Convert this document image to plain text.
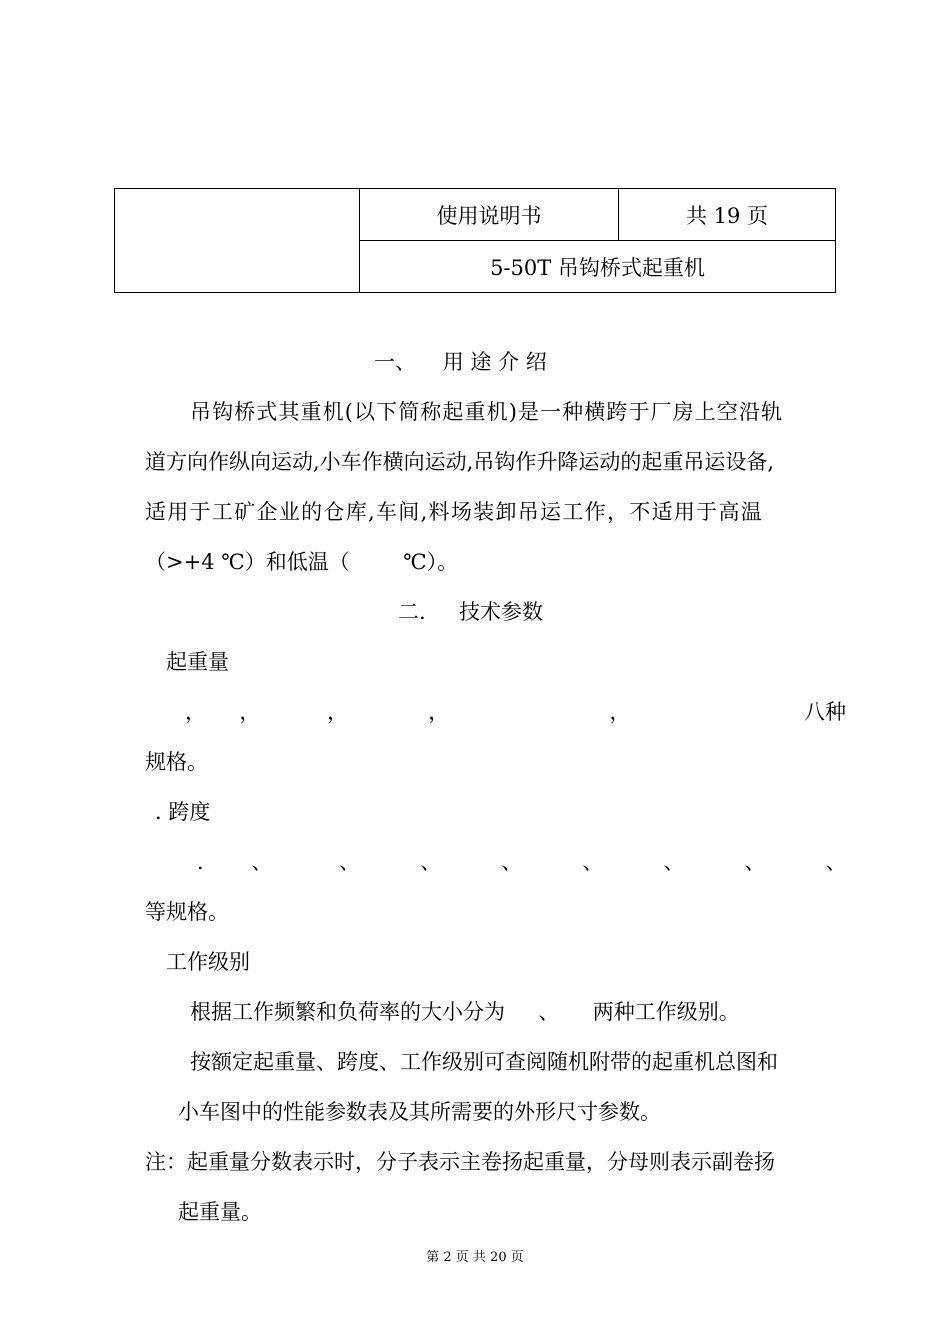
	使用说明书	共 19 页
5-50T 吊钩桥式起重机
一、    用 途 介 绍
吊钩桥式其重机(以下简称起重机)是一种横跨于厂房上空沿轨
道方向作纵向运动,小车作横向运动,吊钩作升降运动的起重吊运设备,
适用于工矿企业的仓库,车间,料场装卸吊运工作，不适用于高温
（>+4 ℃）和低温（        ℃）。
二.     技术参数
起重量
，     ，          ，            ，                        ，                          八种
规格。
. 跨度
．     、          、         、         、         、         、         、         、
等规格。
工作级别
根据工作频繁和负荷率的大小分为     、     两种工作级别。
按额定起重量、跨度、工作级别可查阅随机附带的起重机总图和
小车图中的性能参数表及其所需要的外形尺寸参数。
注：起重量分数表示时，分子表示主卷扬起重量，分母则表示副卷扬
起重量。
第 2 页 共 20 页
